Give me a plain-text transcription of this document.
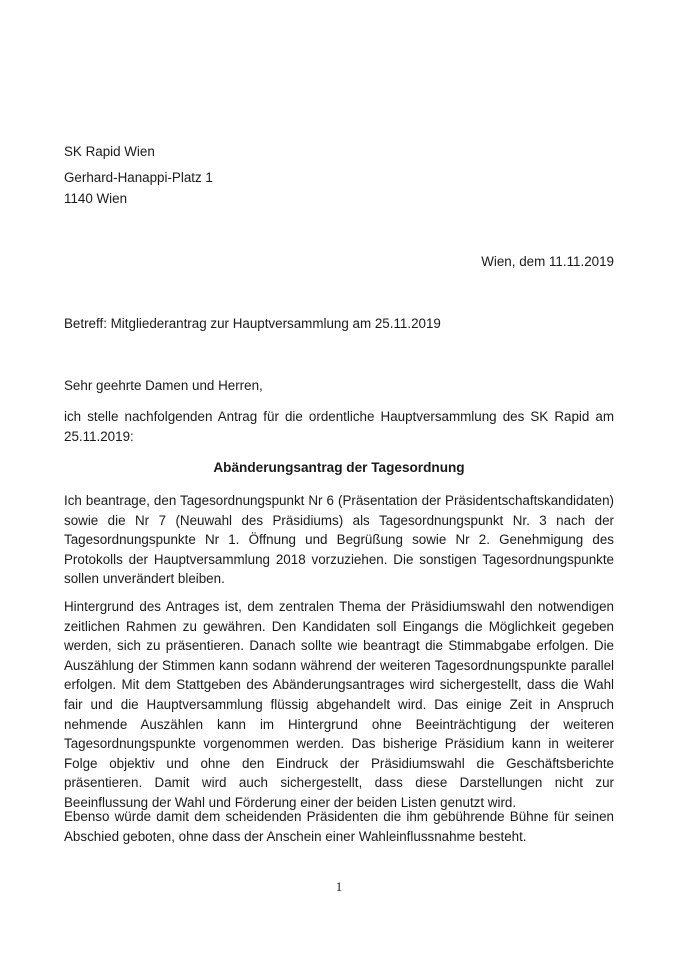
SK Rapid Wien
Gerhard-Hanappi-Platz 1
1140 Wien
Wien, dem 11.11.2019
Betreff: Mitgliederantrag zur Hauptversammlung am 25.11.2019
Sehr geehrte Damen und Herren,
ich stelle nachfolgenden Antrag für die ordentliche Hauptversammlung des SK Rapid am 25.11.2019:
Abänderungsantrag der Tagesordnung
Ich beantrage, den Tagesordnungspunkt Nr 6 (Präsentation der Präsidentschaftskandidaten) sowie die Nr 7 (Neuwahl des Präsidiums) als Tagesordnungspunkt Nr. 3 nach der Tagesordnungspunkte Nr 1. Öffnung und Begrüßung sowie Nr 2. Genehmigung des Protokolls der Hauptversammlung 2018 vorzuziehen. Die sonstigen Tagesordnungspunkte sollen unverändert bleiben.
Hintergrund des Antrages ist, dem zentralen Thema der Präsidiumswahl den notwendigen zeitlichen Rahmen zu gewähren. Den Kandidaten soll Eingangs die Möglichkeit gegeben werden, sich zu präsentieren. Danach sollte wie beantragt die Stimmabgabe erfolgen. Die Auszählung der Stimmen kann sodann während der weiteren Tagesordnungspunkte parallel erfolgen. Mit dem Stattgeben des Abänderungsantrages wird sichergestellt, dass die Wahl fair und die Hauptversammlung flüssig abgehandelt wird. Das einige Zeit in Anspruch nehmende Auszählen kann im Hintergrund ohne Beeinträchtigung der weiteren Tagesordnungspunkte vorgenommen werden. Das bisherige Präsidium kann in weiterer Folge objektiv und ohne den Eindruck der Präsidiumswahl die Geschäftsberichte präsentieren. Damit wird auch sichergestellt, dass diese Darstellungen nicht zur Beeinflussung der Wahl und Förderung einer der beiden Listen genutzt wird.
Ebenso würde damit dem scheidenden Präsidenten die ihm gebührende Bühne für seinen Abschied geboten, ohne dass der Anschein einer Wahleinflussnahme besteht.
1
